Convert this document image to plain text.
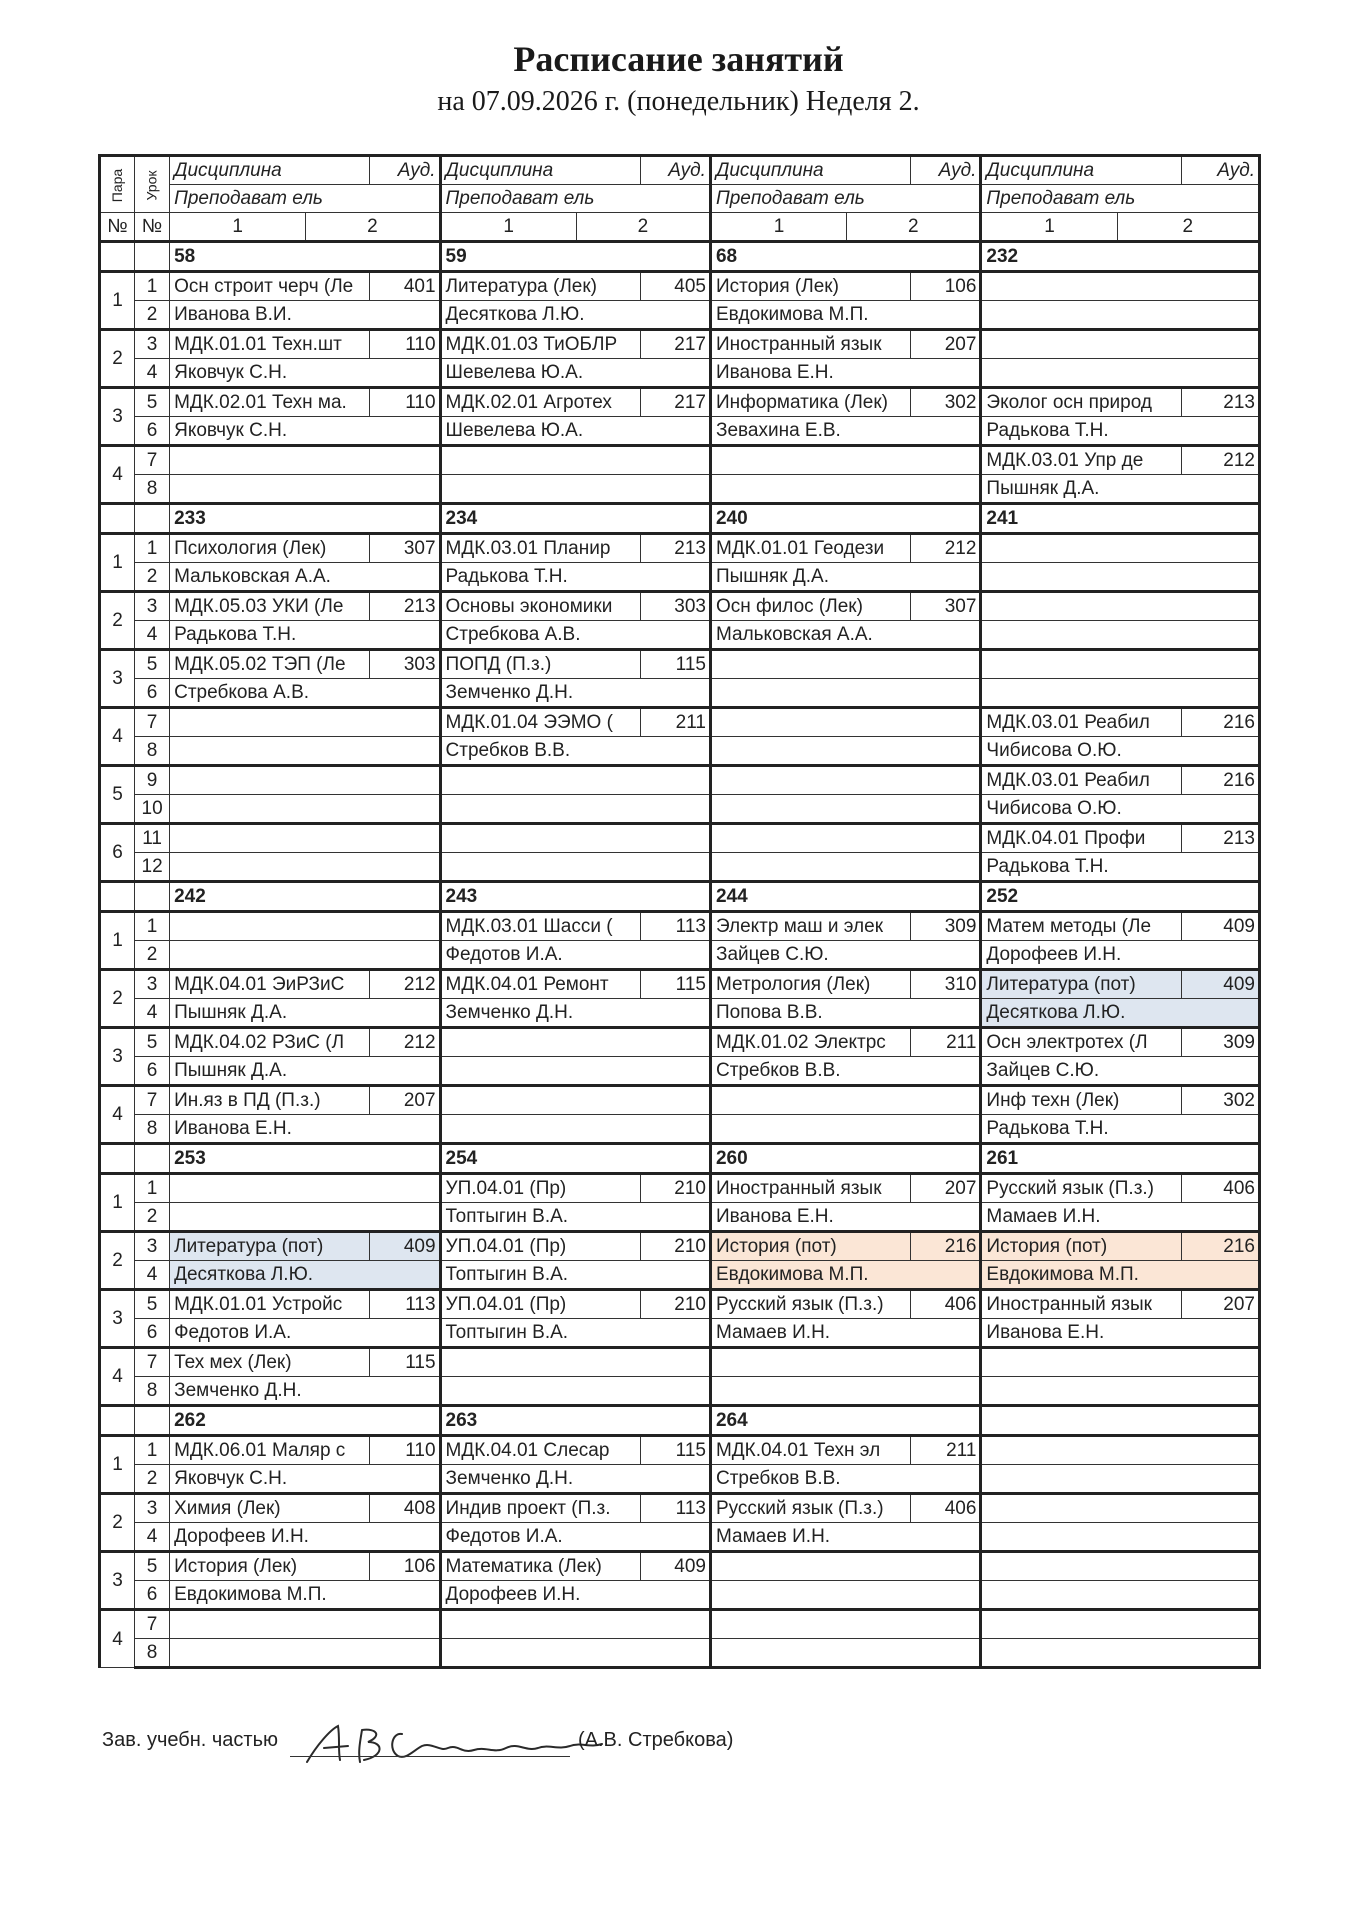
Расписание занятий
на 07.09.2026 г. (понедельник) Неделя 2.
Пара	Урок	Дисциплина		Ауд.	Дисциплина		Ауд.	Дисциплина		Ауд.	Дисциплина		Ауд.
		Преподават ель			Преподават ель			Преподават ель			Преподават ель		
№	№	1	2		1	2		1	2		1	2	
		58			59			68			232		
1	1	Осн строит черч (Ле		401	Литература (Лек)		405	История (Лек)		106			
	2	Иванова В.И.			Десяткова Л.Ю.			Евдокимова М.П.					
2	3	МДК.01.01 Техн.шт		110	МДК.01.03 ТиОБЛР		217	Иностранный язык		207			
	4	Яковчук С.Н.			Шевелева Ю.А.			Иванова Е.Н.					
3	5	МДК.02.01 Техн ма.		110	МДК.02.01 Агротех		217	Информатика (Лек)		302	Эколог осн природ		213
	6	Яковчук С.Н.			Шевелева Ю.А.			Зевахина Е.В.			Радькова Т.Н.		
4	7										МДК.03.01 Упр де		212
	8										Пышняк Д.А.		
		233			234			240			241		
1	1	Психология (Лек)		307	МДК.03.01 Планир		213	МДК.01.01 Геодези		212			
	2	Мальковская А.А.			Радькова Т.Н.			Пышняк Д.А.					
2	3	МДК.05.03 УКИ (Ле		213	Основы экономики		303	Осн филос (Лек)		307			
	4	Радькова Т.Н.			Стребкова А.В.			Мальковская А.А.					
3	5	МДК.05.02 ТЭП (Ле		303	ПОПД (П.з.)		115						
	6	Стребкова А.В.			Земченко Д.Н.								
4	7				МДК.01.04 ЭЭМО (		211				МДК.03.01 Реабил		216
	8				Стребков В.В.						Чибисова О.Ю.		
5	9										МДК.03.01 Реабил		216
	10										Чибисова О.Ю.		
6	11										МДК.04.01 Профи		213
	12										Радькова Т.Н.		
		242			243			244			252		
1	1				МДК.03.01 Шасси (		113	Электр маш и элек		309	Матем методы (Ле		409
	2				Федотов И.А.			Зайцев С.Ю.			Дорофеев И.Н.		
2	3	МДК.04.01 ЭиРЗиС		212	МДК.04.01 Ремонт		115	Метрология (Лек)		310	Литература (пот)		409
	4	Пышняк Д.А.			Земченко Д.Н.			Попова В.В.			Десяткова Л.Ю.		
3	5	МДК.04.02 РЗиС (Л		212				МДК.01.02 Электрс		211	Осн электротех (Л		309
	6	Пышняк Д.А.						Стребков В.В.			Зайцев С.Ю.		
4	7	Ин.яз в ПД (П.з.)		207							Инф техн (Лек)		302
	8	Иванова Е.Н.									Радькова Т.Н.		
		253			254			260			261		
1	1				УП.04.01 (Пр)		210	Иностранный язык		207	Русский язык (П.з.)		406
	2				Топтыгин В.А.			Иванова Е.Н.			Мамаев И.Н.		
2	3	Литература (пот)		409	УП.04.01 (Пр)		210	История (пот)		216	История (пот)		216
	4	Десяткова Л.Ю.			Топтыгин В.А.			Евдокимова М.П.			Евдокимова М.П.		
3	5	МДК.01.01 Устройс		113	УП.04.01 (Пр)		210	Русский язык (П.з.)		406	Иностранный язык		207
	6	Федотов И.А.			Топтыгин В.А.			Мамаев И.Н.			Иванова Е.Н.		
4	7	Тех мех (Лек)		115									
	8	Земченко Д.Н.											
		262			263			264					
1	1	МДК.06.01 Маляр с		110	МДК.04.01 Слесар		115	МДК.04.01 Техн эл		211			
	2	Яковчук С.Н.			Земченко Д.Н.			Стребков В.В.					
2	3	Химия (Лек)		408	Индив проект (П.з.		113	Русский язык (П.з.)		406			
	4	Дорофеев И.Н.			Федотов И.А.			Мамаев И.Н.					
3	5	История (Лек)		106	Математика (Лек)		409						
	6	Евдокимова М.П.			Дорофеев И.Н.								
4	7												
	8												
Зав. учебн. частью	(А.В. Стребкова)
